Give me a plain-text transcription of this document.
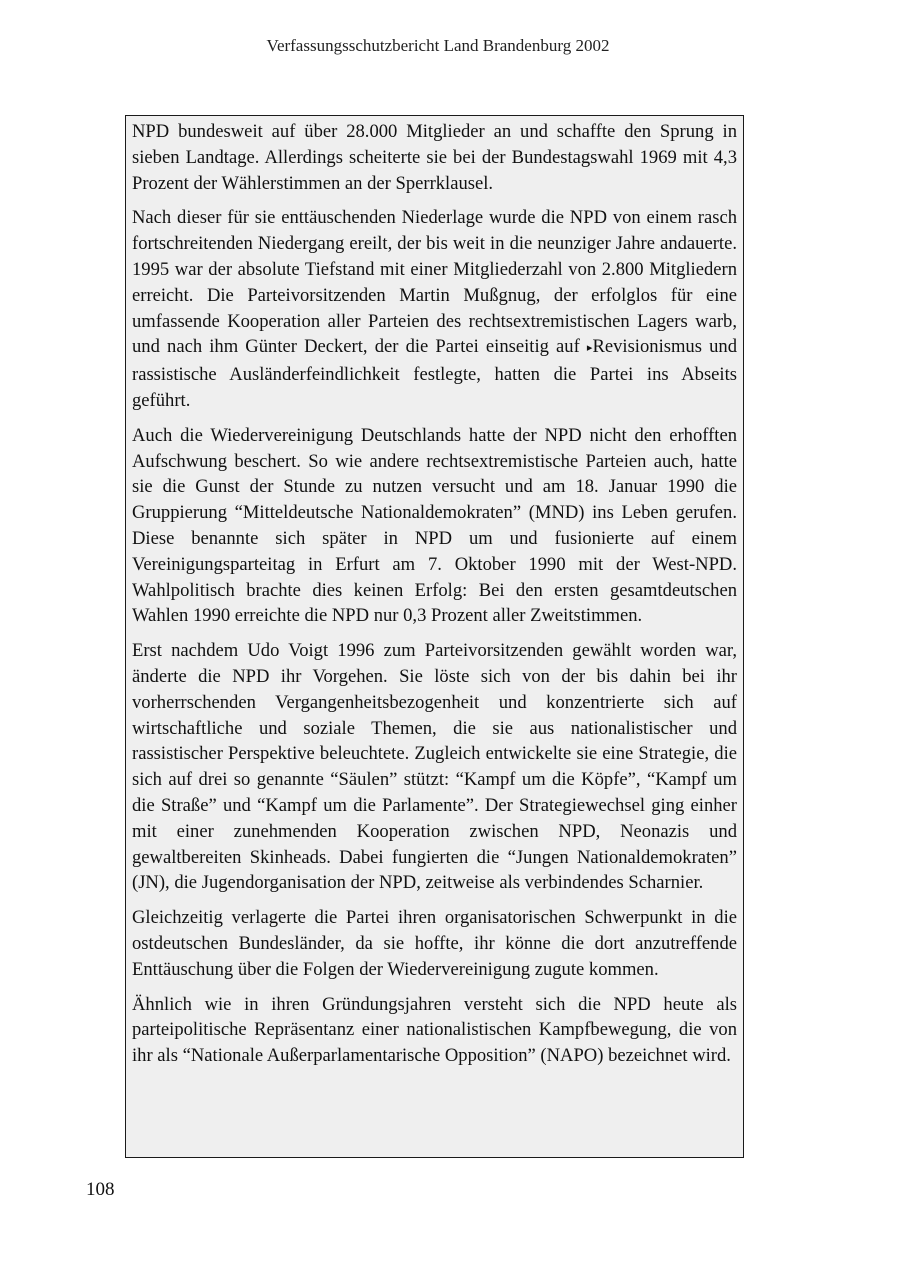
Verfassungsschutzbericht Land Brandenburg 2002

NPD bundesweit auf über 28.000 Mitglieder an und schaffte den Sprung in sieben Landtage. Allerdings scheiterte sie bei der Bundestagswahl 1969 mit 4,3 Prozent der Wählerstimmen an der Sperrklausel.

Nach dieser für sie enttäuschenden Niederlage wurde die NPD von einem rasch fortschreitenden Niedergang ereilt, der bis weit in die neunziger Jahre andauerte. 1995 war der absolute Tiefstand mit einer Mitgliederzahl von 2.800 Mitgliedern erreicht. Die Parteivorsitzenden Martin Mußgnug, der erfolglos für eine umfassende Kooperation aller Parteien des rechtsextremistischen Lagers warb, und nach ihm Günter Deckert, der die Partei einseitig auf ▸Revisionismus und rassistische Ausländerfeindlichkeit festlegte, hatten die Partei ins Abseits geführt.

Auch die Wiedervereinigung Deutschlands hatte der NPD nicht den erhofften Aufschwung beschert. So wie andere rechtsextremistische Parteien auch, hatte sie die Gunst der Stunde zu nutzen versucht und am 18. Januar 1990 die Gruppierung “Mitteldeutsche Nationaldemokraten” (MND) ins Leben gerufen. Diese benannte sich später in NPD um und fusionierte auf einem Vereinigungsparteitag in Erfurt am 7. Oktober 1990 mit der West-NPD. Wahlpolitisch brachte dies keinen Erfolg: Bei den ersten gesamtdeutschen Wahlen 1990 erreichte die NPD nur 0,3 Prozent aller Zweitstimmen.

Erst nachdem Udo Voigt 1996 zum Parteivorsitzenden gewählt worden war, änderte die NPD ihr Vorgehen. Sie löste sich von der bis dahin bei ihr vorherrschenden Vergangenheitsbezogenheit und konzentrierte sich auf wirtschaftliche und soziale Themen, die sie aus nationalistischer und rassistischer Perspektive beleuchtete. Zugleich entwickelte sie eine Strategie, die sich auf drei so genannte “Säulen” stützt: “Kampf um die Köpfe”, “Kampf um die Straße” und “Kampf um die Parlamente”. Der Strategiewechsel ging einher mit einer zunehmenden Kooperation zwischen NPD, Neonazis und gewaltbereiten Skinheads. Dabei fungierten die “Jungen Nationaldemokraten” (JN), die Jugendorganisation der NPD, zeitweise als verbindendes Scharnier.

Gleichzeitig verlagerte die Partei ihren organisatorischen Schwerpunkt in die ostdeutschen Bundesländer, da sie hoffte, ihr könne die dort anzutreffende Enttäuschung über die Folgen der Wiedervereinigung zugute kommen.

Ähnlich wie in ihren Gründungsjahren versteht sich die NPD heute als parteipolitische Repräsentanz einer nationalistischen Kampfbewegung, die von ihr als “Nationale Außerparlamentarische Opposition” (NAPO) bezeichnet wird.

108
